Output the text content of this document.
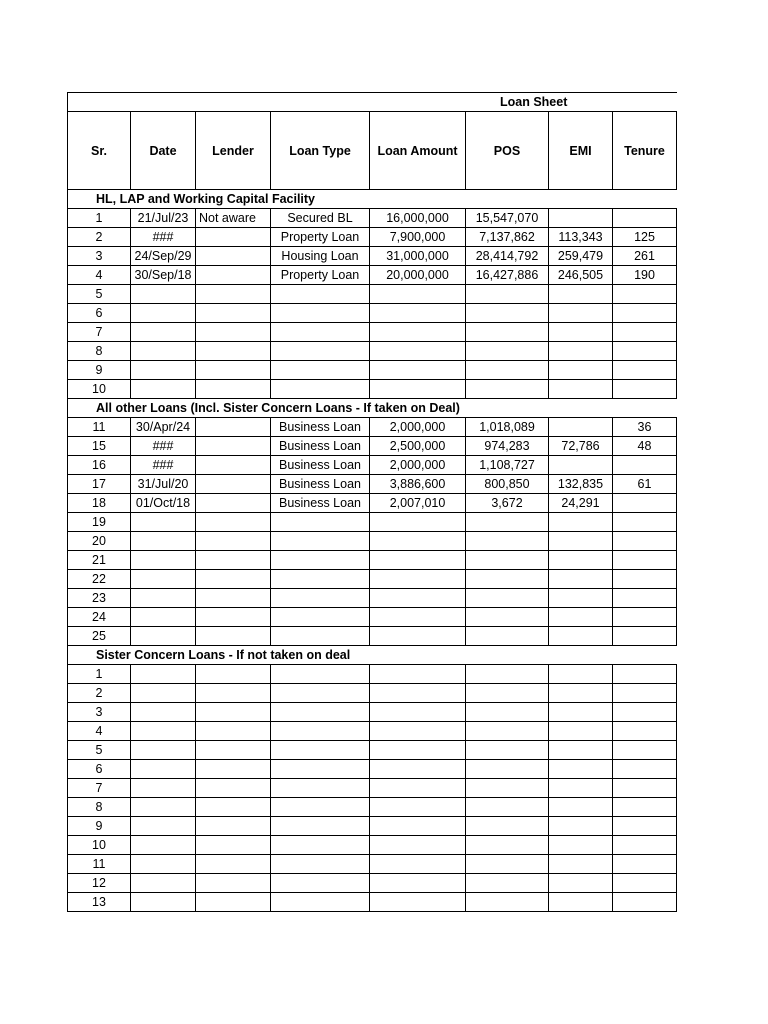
Loan Sheet							
Sr.	Date	Lender	Loan Type	Loan Amount	POS	EMI	Tenure
HL, LAP and Working Capital Facility							
1	21/Jul/23	Not aware	Secured BL	16,000,000	15,547,070		
2	###		Property Loan	7,900,000	7,137,862	113,343	125
3	24/Sep/29		Housing Loan	31,000,000	28,414,792	259,479	261
4	30/Sep/18		Property Loan	20,000,000	16,427,886	246,505	190
5							
6							
7							
8							
9							
10							
All other Loans (Incl. Sister Concern Loans - If taken on Deal)							
11	30/Apr/24		Business Loan	2,000,000	1,018,089		36
15	###		Business Loan	2,500,000	974,283	72,786	48
16	###		Business Loan	2,000,000	1,108,727		
17	31/Jul/20		Business Loan	3,886,600	800,850	132,835	61
18	01/Oct/18		Business Loan	2,007,010	3,672	24,291	
19							
20							
21							
22							
23							
24							
25							
Sister Concern Loans - If not taken on deal							
1							
2							
3							
4							
5							
6							
7							
8							
9							
10							
11							
12							
13							
